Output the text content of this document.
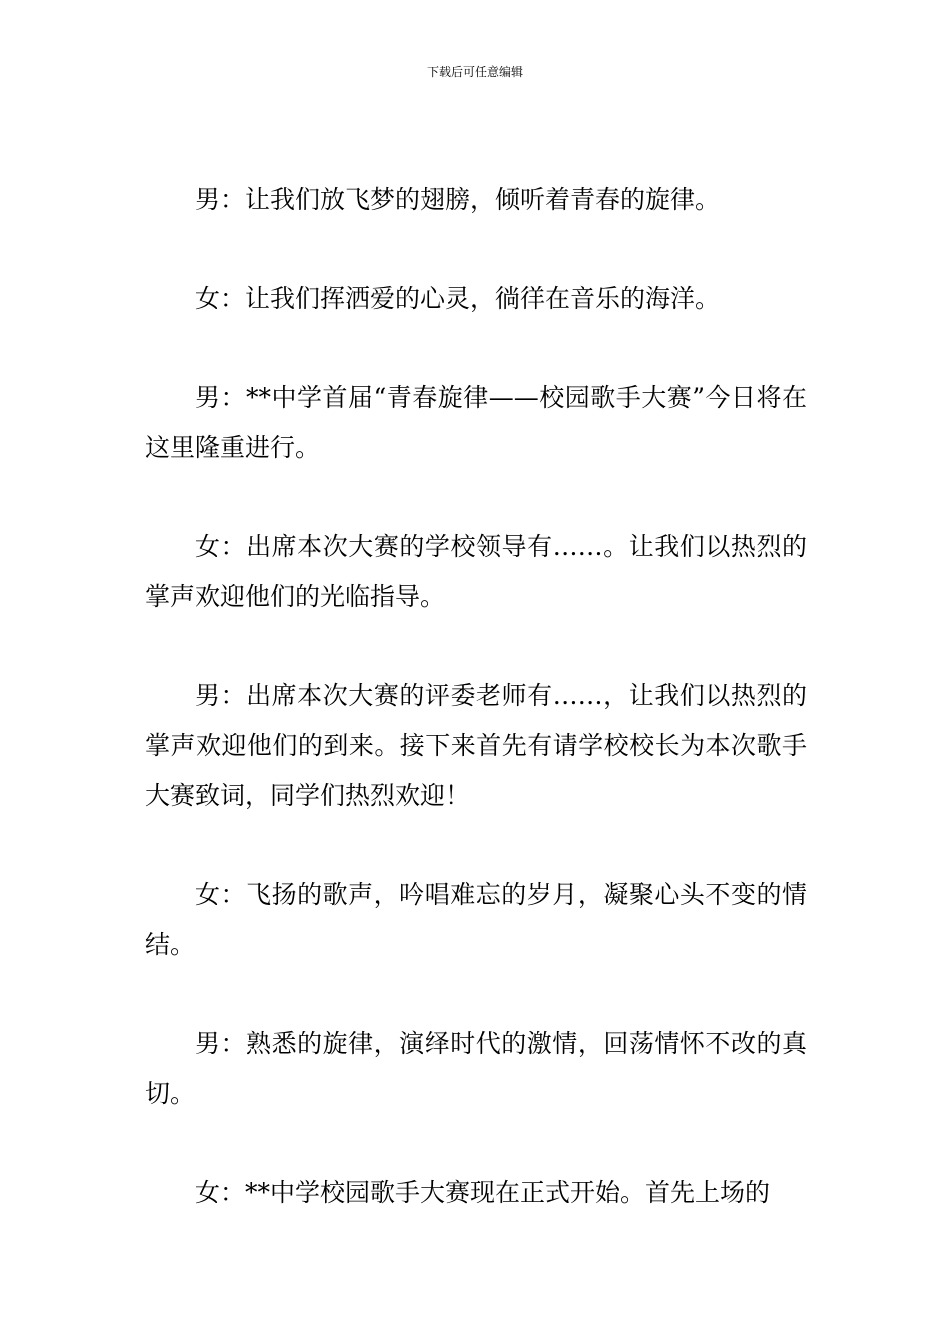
下载后可任意编辑

男：让我们放飞梦的翅膀，倾听着青春的旋律。

女：让我们挥洒爱的心灵，徜徉在音乐的海洋。

男：**中学首届“青春旋律——校园歌手大赛”今日将在这里隆重进行。

女：出席本次大赛的学校领导有……。让我们以热烈的掌声欢迎他们的光临指导。

男：出席本次大赛的评委老师有……，让我们以热烈的掌声欢迎他们的到来。接下来首先有请学校校长为本次歌手大赛致词，同学们热烈欢迎！

女：飞扬的歌声，吟唱难忘的岁月，凝聚心头不变的情结。

男：熟悉的旋律，演绎时代的激情，回荡情怀不改的真切。

女：**中学校园歌手大赛现在正式开始。首先上场的
